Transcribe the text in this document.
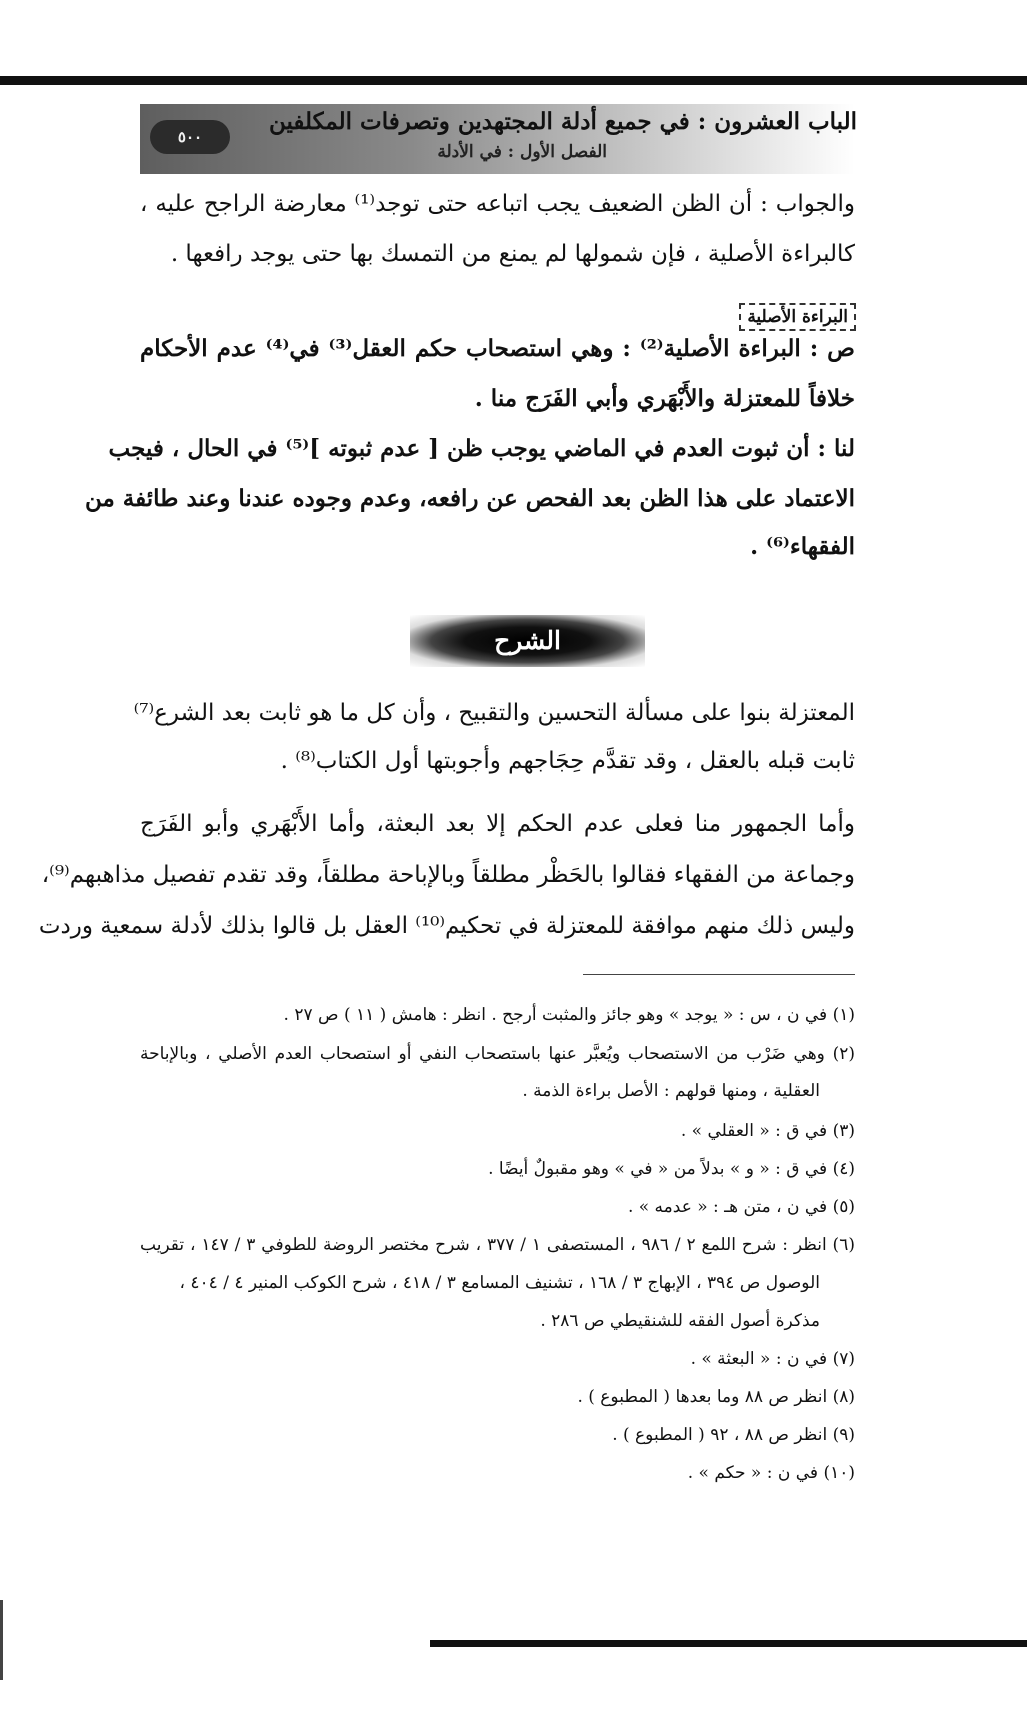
٥٠٠
الباب العشرون : في جميع أدلة المجتهدين وتصرفات المكلفين
الفصل الأول : في الأدلة
والجواب : أن الظن الضعيف يجب اتباعه حتى توجد⁽¹⁾ معارضة الراجح عليه ،
كالبراءة الأصلية ، فإن شمولها لم يمنع من التمسك بها حتى يوجد رافعها .
البراءة الأصلية
ص : البراءة الأصلية⁽²⁾ : وهي استصحاب حكم العقل⁽³⁾ في⁽⁴⁾ عدم الأحكام
خلافاً للمعتزلة والأَبْهَري وأبي الفَرَج منا .
لنا : أن ثبوت العدم في الماضي يوجب ظن [ عدم ثبوته ]⁽⁵⁾ في الحال ، فيجب
الاعتماد على هذا الظن بعد الفحص عن رافعه، وعدم وجوده عندنا وعند طائفة من
الفقهاء⁽⁶⁾ .
الشرح
المعتزلة بنوا على مسألة التحسين والتقبيح ، وأن كل ما هو ثابت بعد الشرع⁽⁷⁾
ثابت قبله بالعقل ، وقد تقدَّم حِجَاجهم وأجوبتها أول الكتاب⁽⁸⁾ .
وأما الجمهور منا فعلى عدم الحكم إلا بعد البعثة، وأما الأَبْهَري وأبو الفَرَج
وجماعة من الفقهاء فقالوا بالحَظْر مطلقاً وبالإباحة مطلقاً، وقد تقدم تفصيل مذاهبهم⁽⁹⁾،
وليس ذلك منهم موافقة للمعتزلة في تحكيم⁽¹⁰⁾ العقل بل قالوا بذلك لأدلة سمعية وردت
(١) في ن ، س : « يوجد » وهو جائز والمثبت أرجح . انظر : هامش ( ١١ ) ص ٢٧ .
(٢) وهي ضَرْب من الاستصحاب ويُعبَّر عنها باستصحاب النفي أو استصحاب العدم الأصلي ، وبالإباحة
العقلية ، ومنها قولهم : الأصل براءة الذمة .
(٣) في ق : « العقلي » .
(٤) في ق : « و » بدلاً من « في » وهو مقبولٌ أيضًا .
(٥) في ن ، متن هـ : « عدمه » .
(٦) انظر : شرح اللمع ٢ / ٩٨٦ ، المستصفى ١ / ٣٧٧ ، شرح مختصر الروضة للطوفي ٣ / ١٤٧ ، تقريب
الوصول ص ٣٩٤ ، الإبهاج ٣ / ١٦٨ ، تشنيف المسامع ٣ / ٤١٨ ، شرح الكوكب المنير ٤ / ٤٠٤ ،
مذكرة أصول الفقه للشنقيطي ص ٢٨٦ .
(٧) في ن : « البعثة » .
(٨) انظر ص ٨٨ وما بعدها ( المطبوع ) .
(٩) انظر ص ٨٨ ، ٩٢ ( المطبوع ) .
(١٠) في ن : « حكم » .
